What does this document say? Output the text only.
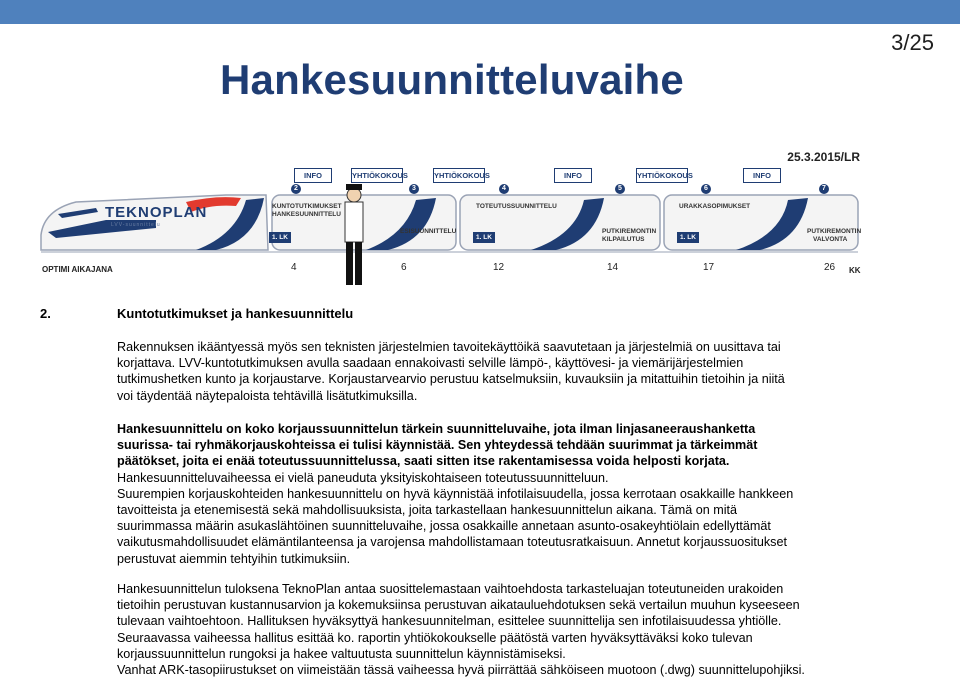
3/25
Hankesuunnitteluvaihe
25.3.2015/LR
INFO	YHTIÖKOKOUS	YHTIÖKOKOUS	INFO	YHTIÖKOKOUS	INFO
2	3	4	5	6	7
TEKNOPLAN
LVV-suunnittelu
KUNTOTUTKIMUKSET
HANKESUUNNITTELU
ESISUUNNITTELU
TOTEUTUSSUUNNITTELU
PUTKIREMONTIN
KILPAILUTUS
URAKKASOPIMUKSET
PUTKIREMONTIN
VALVONTA
1. LK	1. LK	1. LK
OPTIMI AIKAJANA	4	6	12	14	17	26 KK
2.	Kuntotutkimukset ja hankesuunnittelu
Rakennuksen ikääntyessä myös sen teknisten järjestelmien tavoitekäyttöikä saavutetaan ja järjestelmiä on uusittava tai
korjattava. LVV-kuntotutkimuksen avulla saadaan ennakoivasti selville lämpö-, käyttövesi- ja viemärijärjestelmien
tutkimushetken kunto ja korjaustarve. Korjaustarvearvio perustuu katselmuksiin, kuvauksiin ja mitattuihin tietoihin ja niitä
voi täydentää näytepaloista tehtävillä lisätutkimuksilla.
Hankesuunnittelu on koko korjaussuunnittelun tärkein suunnitteluvaihe, jota ilman linjasaneeraushanketta
suurissa- tai ryhmäkorjauskohteissa ei tulisi käynnistää. Sen yhteydessä tehdään suurimmat ja tärkeimmät
päätökset, joita ei enää toteutussuunnittelussa, saati sitten itse rakentamisessa voida helposti korjata.
Hankesuunnitteluvaiheessa ei vielä paneuduta yksityiskohtaiseen toteutussuunnitteluun.
Suurempien korjauskohteiden hankesuunnittelu on hyvä käynnistää infotilaisuudella, jossa kerrotaan osakkaille hankkeen
tavoitteista ja etenemisestä sekä mahdollisuuksista, joita tarkastellaan hankesuunnittelun aikana. Tämä on mitä
suurimmassa määrin asukaslähtöinen suunnitteluvaihe, jossa osakkaille annetaan asunto-osakeyhtiölain edellyttämät
vaikutusmahdollisuudet elämäntilanteensa ja varojensa mahdollistamaan toteutusratkaisuun. Annetut korjaussuositukset
perustuvat aiemmin tehtyihin tutkimuksiin.
Hankesuunnittelun tuloksena TeknoPlan antaa suosittelemastaan vaihtoehdosta tarkasteluajan toteutuneiden urakoiden
tietoihin perustuvan kustannusarvion ja kokemuksiinsa perustuvan aikatauluehdotuksen sekä vertailun muuhun kyseeseen
tulevaan vaihtoehtoon. Hallituksen hyväksyttyä hankesuunnitelman, esittelee suunnittelija sen infotilaisuudessa yhtiölle.
Seuraavassa vaiheessa hallitus esittää ko. raportin yhtiökokoukselle päätöstä varten hyväksyttäväksi koko tulevan
korjaussuunnittelun rungoksi ja hakee valtuutusta suunnittelun käynnistämiseksi.
Vanhat ARK-tasopiirustukset on viimeistään tässä vaiheessa hyvä piirrättää sähköiseen muotoon (.dwg) suunnittelupohjiksi.
